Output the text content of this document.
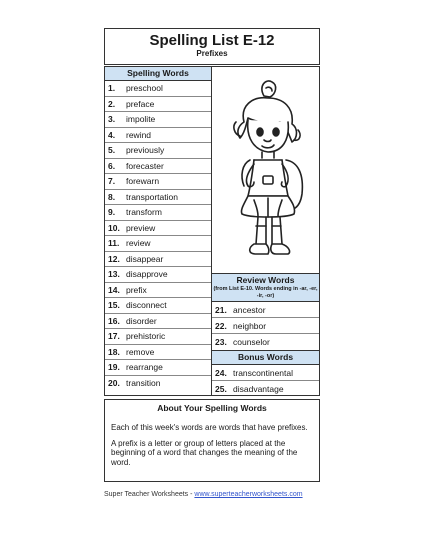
Spelling List E-12
Prefixes
Spelling Words
1. preschool
2. preface
3. impolite
4. rewind
5. previously
6. forecaster
7. forewarn
8. transportation
9. transform
10. preview
11. review
12. disappear
13. disapprove
14. prefix
15. disconnect
16. disorder
17. prehistoric
18. remove
19. rearrange
20. transition
Review Words
(from List E-10. Words ending in -ar, -er, -ir, -or)
21. ancestor
22. neighbor
23. counselor
Bonus Words
24. transcontinental
25. disadvantage
About Your Spelling Words

Each of this week's words are words that have prefixes.

A prefix is a letter or group of letters placed at the beginning of a word that changes the meaning of the word.

Super Teacher Worksheets - www.superteacherworksheets.com
